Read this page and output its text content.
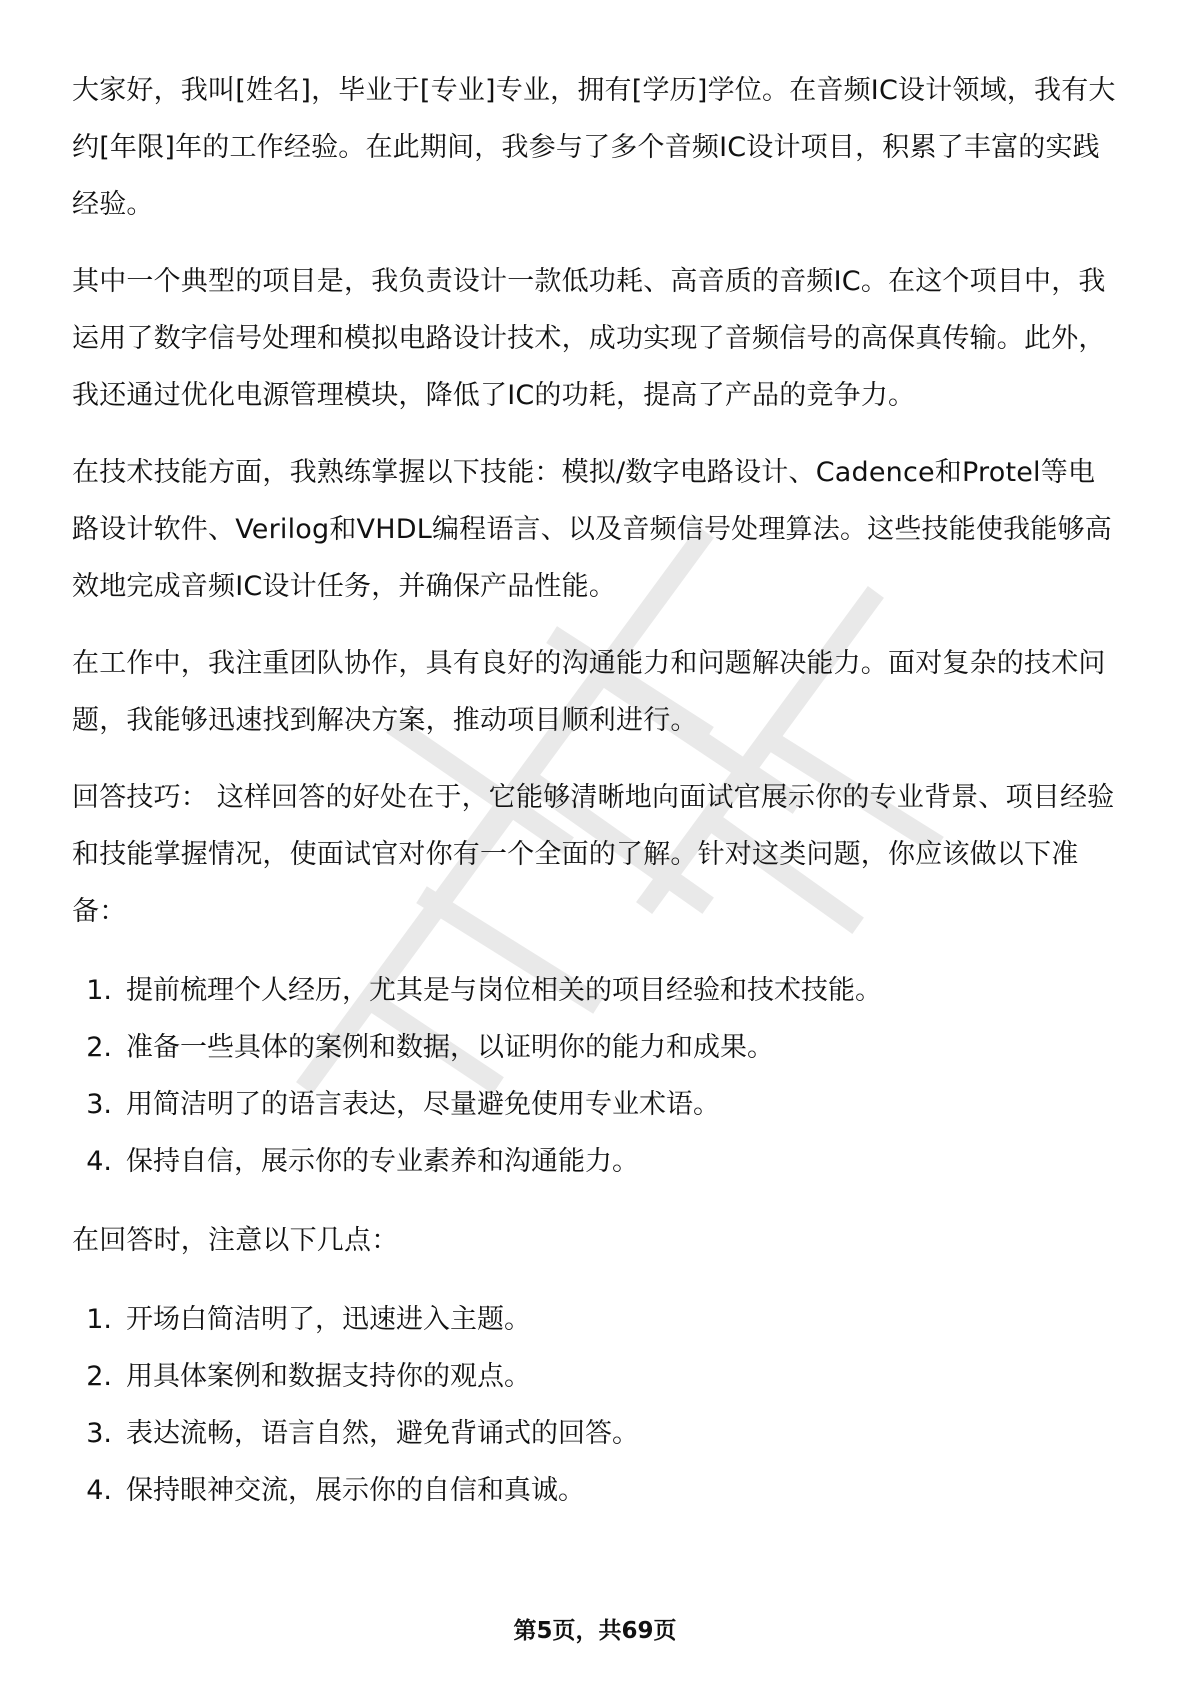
大家好，我叫[姓名]，毕业于[专业]专业，拥有[学历]学位。在音频IC设计领域，我有大约[年限]年的工作经验。在此期间，我参与了多个音频IC设计项目，积累了丰富的实践经验。

其中一个典型的项目是，我负责设计一款低功耗、高音质的音频IC。在这个项目中，我运用了数字信号处理和模拟电路设计技术，成功实现了音频信号的高保真传输。此外，我还通过优化电源管理模块，降低了IC的功耗，提高了产品的竞争力。

在技术技能方面，我熟练掌握以下技能：模拟/数字电路设计、Cadence和Protel等电路设计软件、Verilog和VHDL编程语言、以及音频信号处理算法。这些技能使我能够高效地完成音频IC设计任务，并确保产品性能。

在工作中，我注重团队协作，具有良好的沟通能力和问题解决能力。面对复杂的技术问题，我能够迅速找到解决方案，推动项目顺利进行。

回答技巧： 这样回答的好处在于，它能够清晰地向面试官展示你的专业背景、项目经验和技能掌握情况，使面试官对你有一个全面的了解。针对这类问题，你应该做以下准备：

1. 提前梳理个人经历，尤其是与岗位相关的项目经验和技术技能。
2. 准备一些具体的案例和数据，以证明你的能力和成果。
3. 用简洁明了的语言表达，尽量避免使用专业术语。
4. 保持自信，展示你的专业素养和沟通能力。

在回答时，注意以下几点：

1. 开场白简洁明了，迅速进入主题。
2. 用具体案例和数据支持你的观点。
3. 表达流畅，语言自然，避免背诵式的回答。
4. 保持眼神交流，展示你的自信和真诚。
第5页，共69页
